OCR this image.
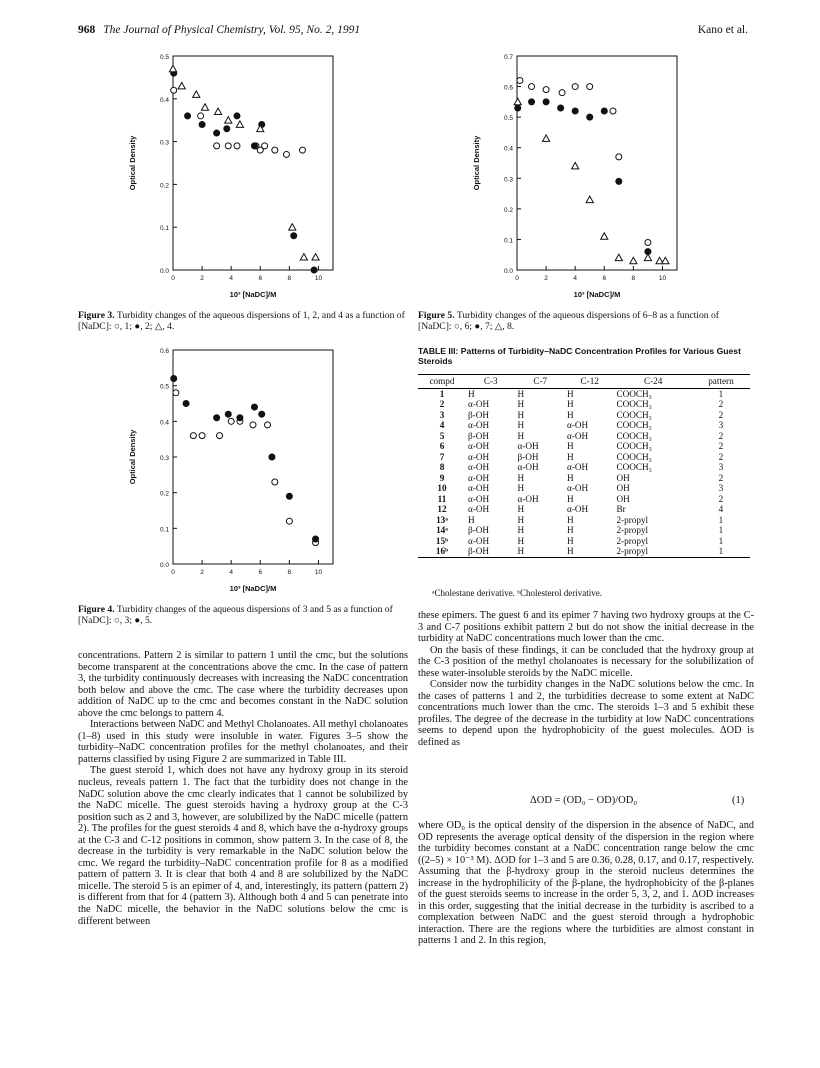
968 The Journal of Physical Chemistry, Vol. 95, No. 2, 1991	Kano et al.
0.0
0.1
0.2
0.3
0.4
0.5
0	2	4	6	8	10
Optical Density
10³ [NaDC]/M
Figure 3. Turbidity changes of the aqueous dispersions of 1, 2, and 4 as a function of [NaDC]: ○, 1; ●, 2; △, 4.
0.0
0.1
0.2
0.3
0.4
0.5
0.6
0	2	4	6	8	10
Optical Density
10³ [NaDC]/M
Figure 4. Turbidity changes of the aqueous dispersions of 3 and 5 as a function of [NaDC]: ○, 3; ●, 5.
0.0
0.1
0.2
0.3
0.4
0.5
0.6
0.7
0	2	4	6	8	10
Optical Density
10³ [NaDC]/M
Figure 5. Turbidity changes of the aqueous dispersions of 6–8 as a function of [NaDC]: ○, 6; ●, 7; △, 8.
TABLE III: Patterns of Turbidity–NaDC Concentration Profiles for Various Guest Steroids
compd	C-3	C-7	C-12	C-24	pattern
1	H	H	H	COOCH₃	1
2	α-OH	H	H	COOCH₃	2
3	β-OH	H	H	COOCH₃	2
4	α-OH	H	α-OH	COOCH₃	3
5	β-OH	H	α-OH	COOCH₃	2
6	α-OH	α-OH	H	COOCH₃	2
7	α-OH	β-OH	H	COOCH₃	2
8	α-OH	α-OH	α-OH	COOCH₃	3
9	α-OH	H	H	OH	2
10	α-OH	H	α-OH	OH	3
11	α-OH	α-OH	H	OH	2
12	α-OH	H	α-OH	Br	4
13ᵃ	H	H	H	2-propyl	1
14ᵃ	β-OH	H	H	2-propyl	1
15ᵇ	α-OH	H	H	2-propyl	1
16ᵇ	β-OH	H	H	2-propyl	1
ᵃCholestane derivative. ᵇCholesterol derivative.

concentrations. Pattern 2 is similar to pattern 1 until the cmc, but the solutions become transparent at the concentrations above the cmc. In the case of pattern 3, the turbidity continuously decreases with increasing the NaDC concentration both below and above the cmc. The case where the turbidity decreases upon addition of NaDC up to the cmc and becomes constant in the NaDC solution above the cmc belongs to pattern 4.

Interactions between NaDC and Methyl Cholanoates. All methyl cholanoates (1–8) used in this study were insoluble in water. Figures 3–5 show the turbidity–NaDC concentration profiles for the methyl cholanoates, and their patterns classified by using Figure 2 are summarized in Table III.

The guest steroid 1, which does not have any hydroxy group in its steroid nucleus, reveals pattern 1. The fact that the turbidity does not change in the NaDC solution above the cmc clearly indicates that 1 cannot be solubilized by the NaDC micelle. The guest steroids having a hydroxy group at the C-3 position such as 2 and 3, however, are solubilized by the NaDC micelle (pattern 2). The profiles for the guest steroids 4 and 8, which have the α-hydroxy groups at the C-3 and C-12 positions in common, show pattern 3. In the case of 8, the decrease in the turbidity is very remarkable in the NaDC solution below the cmc. We regard the turbidity–NaDC concentration profile for 8 as a modified pattern of pattern 3. It is clear that both 4 and 8 are solubilized by the NaDC micelle. The steroid 5 is an epimer of 4, and, interestingly, its pattern (pattern 2) is different from that for 4 (pattern 3). Although both 4 and 5 can penetrate into the NaDC micelle, the behavior in the NaDC solutions below the cmc is different between

these epimers. The guest 6 and its epimer 7 having two hydroxy groups at the C-3 and C-7 positions exhibit pattern 2 but do not show the initial decrease in the turbidity at NaDC concentrations much lower than the cmc.

On the basis of these findings, it can be concluded that the hydroxy group at the C-3 position of the methyl cholanoates is necessary for the solubilization of these water-insoluble steroids by the NaDC micelle.

Consider now the turbidity changes in the NaDC solutions below the cmc. In the cases of patterns 1 and 2, the turbidities decrease to some extent at NaDC concentrations much lower than the cmc. The steroids 1–3 and 5 exhibit these profiles. The degree of the decrease in the turbidity at low NaDC concentrations seems to depend upon the hydrophobicity of the guest molecules. ΔOD is defined as

ΔOD = (OD₀ − OD)/OD₀	(1)

where OD₀ is the optical density of the dispersion in the absence of NaDC, and OD represents the average optical density of the dispersion in the region where the turbidity becomes constant at a NaDC concentration range below the cmc ((2–5) × 10⁻³ M). ΔOD for 1–3 and 5 are 0.36, 0.28, 0.17, and 0.17, respectively. Assuming that the β-hydroxy group in the steroid nucleus determines the increase in the hydrophilicity of the β-plane, the hydrophobicity of the β-planes of the guest steroids seems to increase in the order 5, 3, 2, and 1. ΔOD increases in this order, suggesting that the initial decrease in the turbidity is ascribed to a complexation between NaDC and the guest steroid through a hydrophobic interaction. There are the regions where the turbidities are almost constant in patterns 1 and 2. In this region,
